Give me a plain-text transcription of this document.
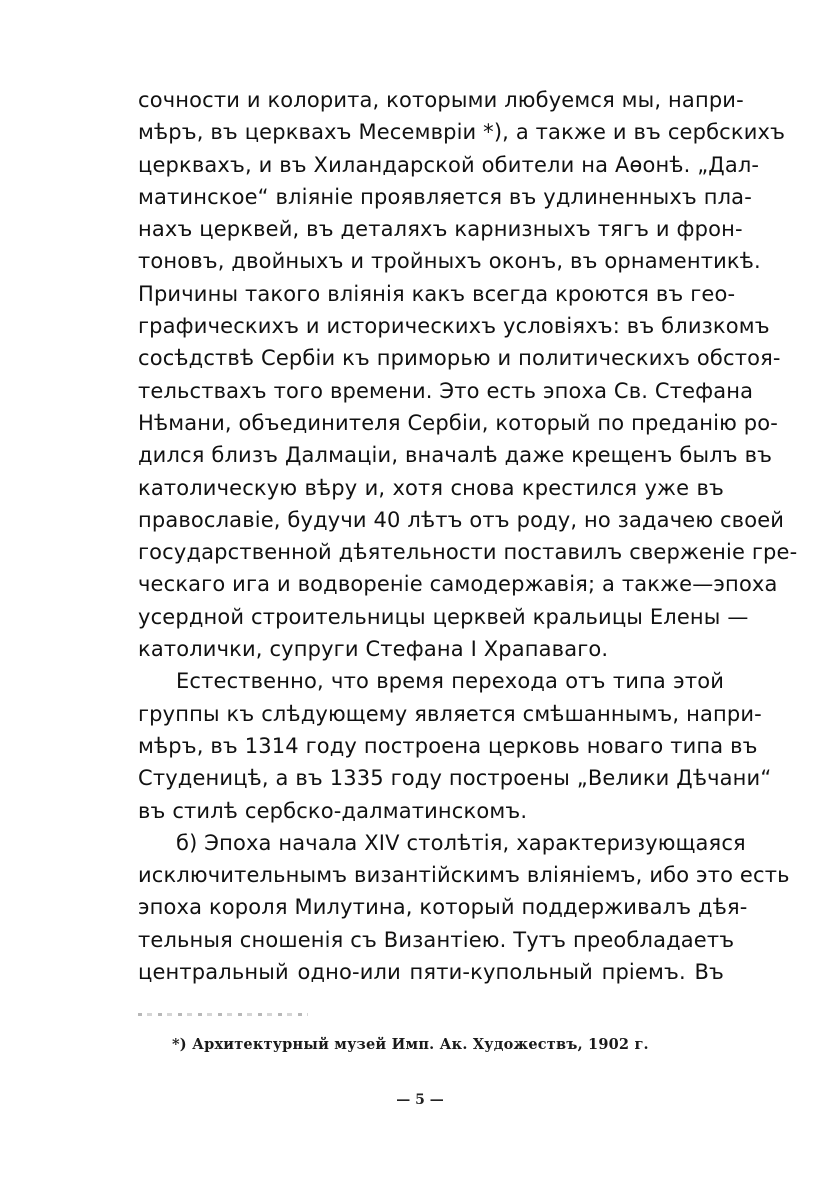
сочности и колорита, которыми любуемся мы, напри-
мѣръ, въ церквахъ Месемвріи *), а также и въ сербскихъ
церквахъ, и въ Хиландарской обители на Аѳонѣ. „Дал-
матинское“ вліяніе проявляется въ удлиненныхъ пла-
нахъ церквей, въ деталяхъ карнизныхъ тягъ и фрон-
тоновъ, двойныхъ и тройныхъ оконъ, въ орнаментикѣ.
Причины такого вліянія какъ всегда кроются въ гео-
графическихъ и историческихъ условіяхъ: въ близкомъ
сосѣдствѣ Сербіи къ приморью и политическихъ обстоя-
тельствахъ того времени. Это есть эпоха Св. Стефана
Нѣмани, объединителя Сербіи, который по преданію ро-
дился близъ Далмаціи, вначалѣ даже крещенъ былъ въ
католическую вѣру и, хотя снова крестился уже въ
православіе, будучи 40 лѣтъ отъ роду, но задачею своей
государственной дѣятельности поставилъ сверженіе гре-
ческаго ига и водвореніе самодержавія; а также—эпоха
усердной строительницы церквей кральицы Елены —
католички, супруги Стефана I Храпаваго.
Естественно, что время перехода отъ типа этой
группы къ слѣдующему является смѣшаннымъ, напри-
мѣръ, въ 1314 году построена церковь новаго типа въ
Студеницѣ, а въ 1335 году построены „Велики Дѣчани“
въ стилѣ сербско-далматинскомъ.
б) Эпоха начала XIV столѣтія, характеризующаяся
исключительнымъ византійскимъ вліяніемъ, ибо это есть
эпоха короля Милутина, который поддерживалъ дѣя-
тельныя сношенія съ Византіею. Тутъ преобладаетъ
центральный одно-или пяти-купольный пріемъ. Въ
*) Архитектурный музей Имп. Ак. Художествъ, 1902 г.
— 5 —
